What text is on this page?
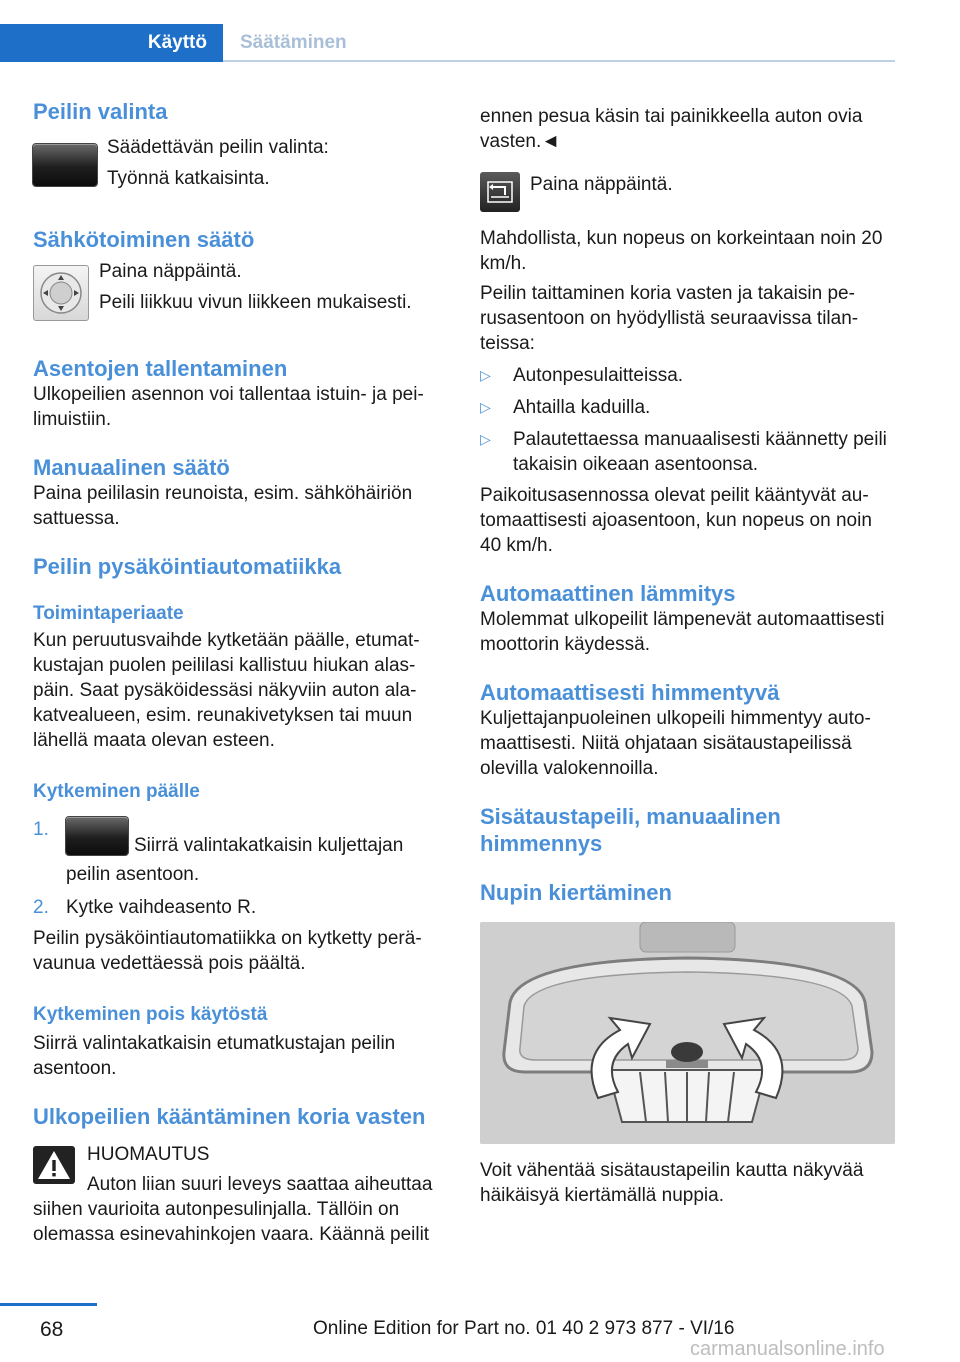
Käyttö	Säätäminen
Peilin valinta
Säädettävän peilin valinta:
Työnnä katkaisinta.
Sähkötoiminen säätö
Paina näppäintä.
Peili liikkuu vivun liikkeen mukaisesti.
Asentojen tallentaminen
Ulkopeilien asennon voi tallentaa istuin- ja peilimuistiin.
Manuaalinen säätö
Paina peililasin reunoista, esim. sähköhäiriön sattuessa.
Peilin pysäköintiautomatiikka
Toimintaperiaate
Kun peruutusvaihde kytketään päälle, etumatkustajan puolen peililasi kallistuu hiukan alaspäin. Saat pysäköidessäsi näkyviin auton alakatvealueen, esim. reunakivetyksen tai muun lähellä maata olevan esteen.
Kytkeminen päälle
1.
Siirrä valintakatkaisin kuljettajan peilin asentoon.
2. Kytke vaihdeasento R.
Peilin pysäköintiautomatiikka on kytketty perävaunua vedettäessä pois päältä.
Kytkeminen pois käytöstä
Siirrä valintakatkaisin etumatkustajan peilin asentoon.
Ulkopeilien kääntäminen koria vasten
HUOMAUTUS
Auton liian suuri leveys saattaa aiheuttaa siihen vaurioita autonpesulinjalla. Tällöin on olemassa esinevahinkojen vaara. Käännä peilit
ennen pesua käsin tai painikkeella auton ovia vasten.◄
Paina näppäintä.
Mahdollista, kun nopeus on korkeintaan noin 20 km/h.
Peilin taittaminen koria vasten ja takaisin perusasentoon on hyödyllistä seuraavissa tilanteissa:
▷ Autonpesulaitteissa.
▷ Ahtailla kaduilla.
▷ Palautettaessa manuaalisesti käännetty peili takaisin oikeaan asentoonsa.
Paikoitusasennossa olevat peilit kääntyvät automaattisesti ajoasentoon, kun nopeus on noin 40 km/h.
Automaattinen lämmitys
Molemmat ulkopeilit lämpenevät automaattisesti moottorin käydessä.
Automaattisesti himmentyvä
Kuljettajanpuoleinen ulkopeili himmentyy automaattisesti. Niitä ohjataan sisätaustapeilissä olevilla valokennoilla.
Sisätaustapeili, manuaalinen himmennys
Nupin kiertäminen
Voit vähentää sisätaustapeilin kautta näkyvää häikäisyä kiertämällä nuppia.
68	Online Edition for Part no. 01 40 2 973 877 - VI/16
carmanualsonline.info
